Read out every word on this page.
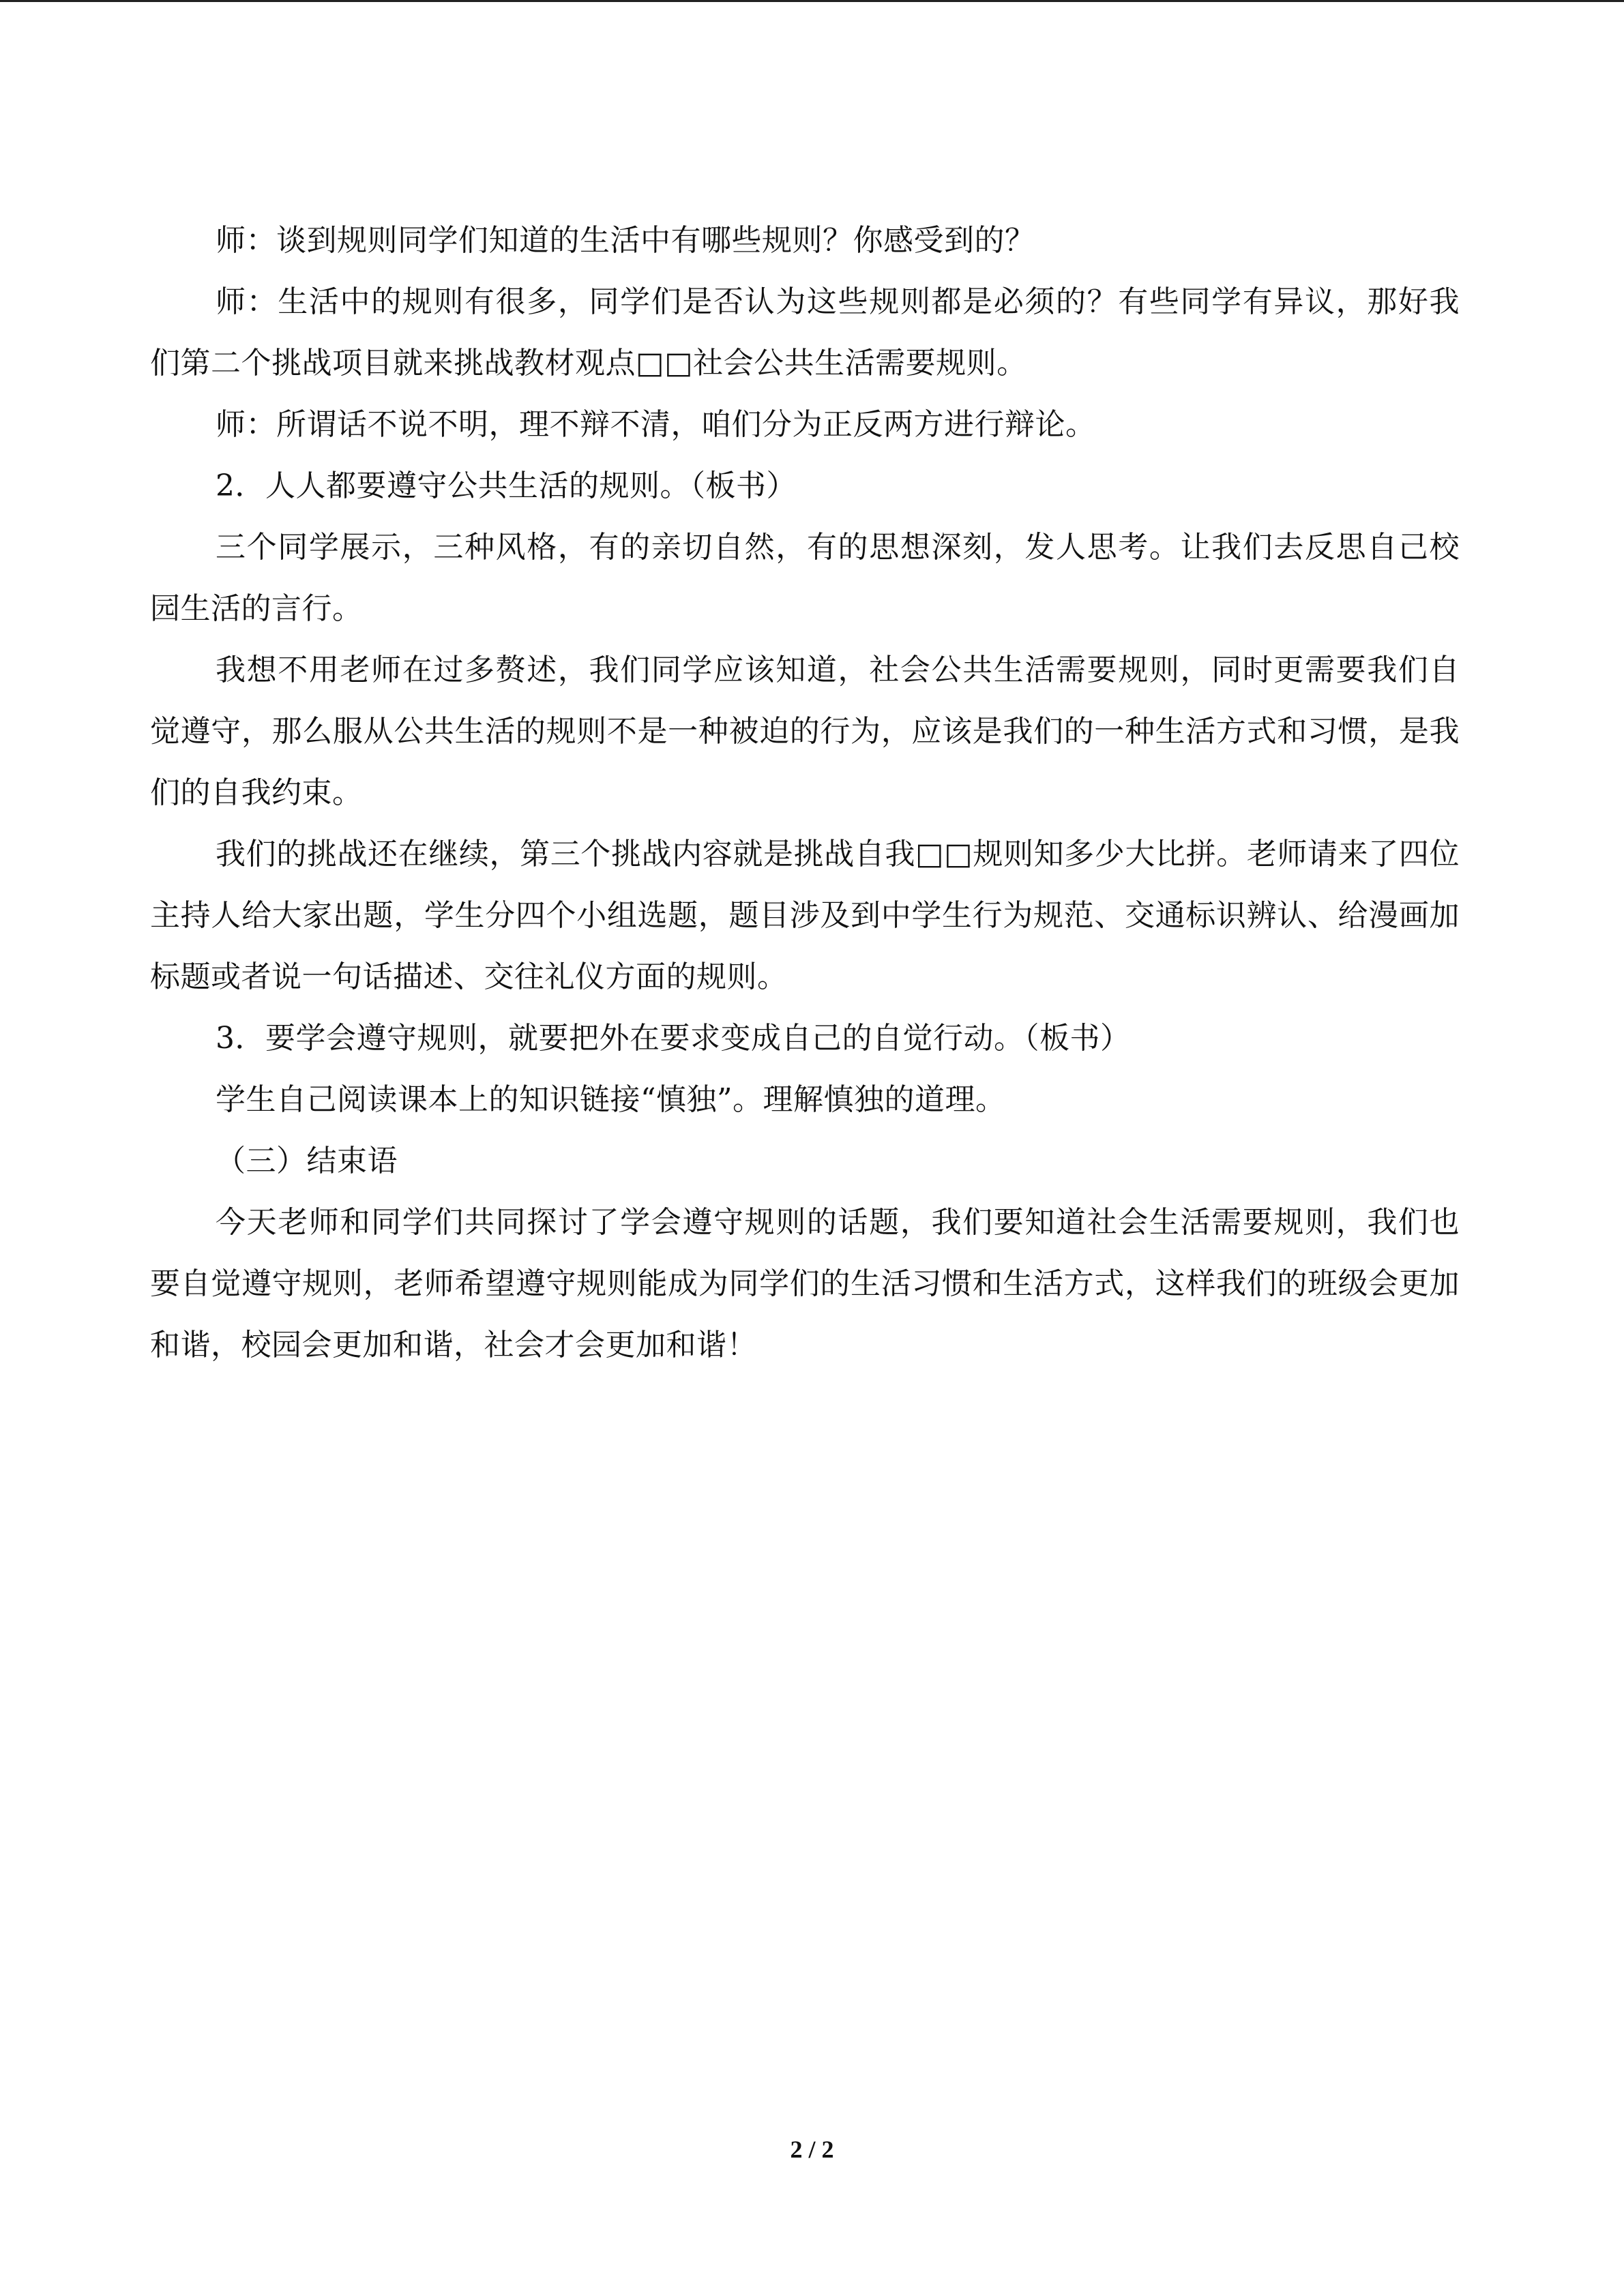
师：谈到规则同学们知道的生活中有哪些规则？你感受到的？

师：生活中的规则有很多，同学们是否认为这些规则都是必须的？有些同学有异议，那好我们第二个挑战项目就来挑战教材观点□□社会公共生活需要规则。

师：所谓话不说不明，理不辩不清，咱们分为正反两方进行辩论。

2．人人都要遵守公共生活的规则。（板书）

三个同学展示，三种风格，有的亲切自然，有的思想深刻，发人思考。让我们去反思自己校园生活的言行。

我想不用老师在过多赘述，我们同学应该知道，社会公共生活需要规则，同时更需要我们自觉遵守，那么服从公共生活的规则不是一种被迫的行为，应该是我们的一种生活方式和习惯，是我们的自我约束。

我们的挑战还在继续，第三个挑战内容就是挑战自我□□规则知多少大比拼。老师请来了四位主持人给大家出题，学生分四个小组选题，题目涉及到中学生行为规范、交通标识辨认、给漫画加标题或者说一句话描述、交往礼仪方面的规则。

3．要学会遵守规则，就要把外在要求变成自己的自觉行动。（板书）

学生自己阅读课本上的知识链接“慎独”。理解慎独的道理。

（三）结束语

今天老师和同学们共同探讨了学会遵守规则的话题，我们要知道社会生活需要规则，我们也要自觉遵守规则，老师希望遵守规则能成为同学们的生活习惯和生活方式，这样我们的班级会更加和谐，校园会更加和谐，社会才会更加和谐！

2 / 2
